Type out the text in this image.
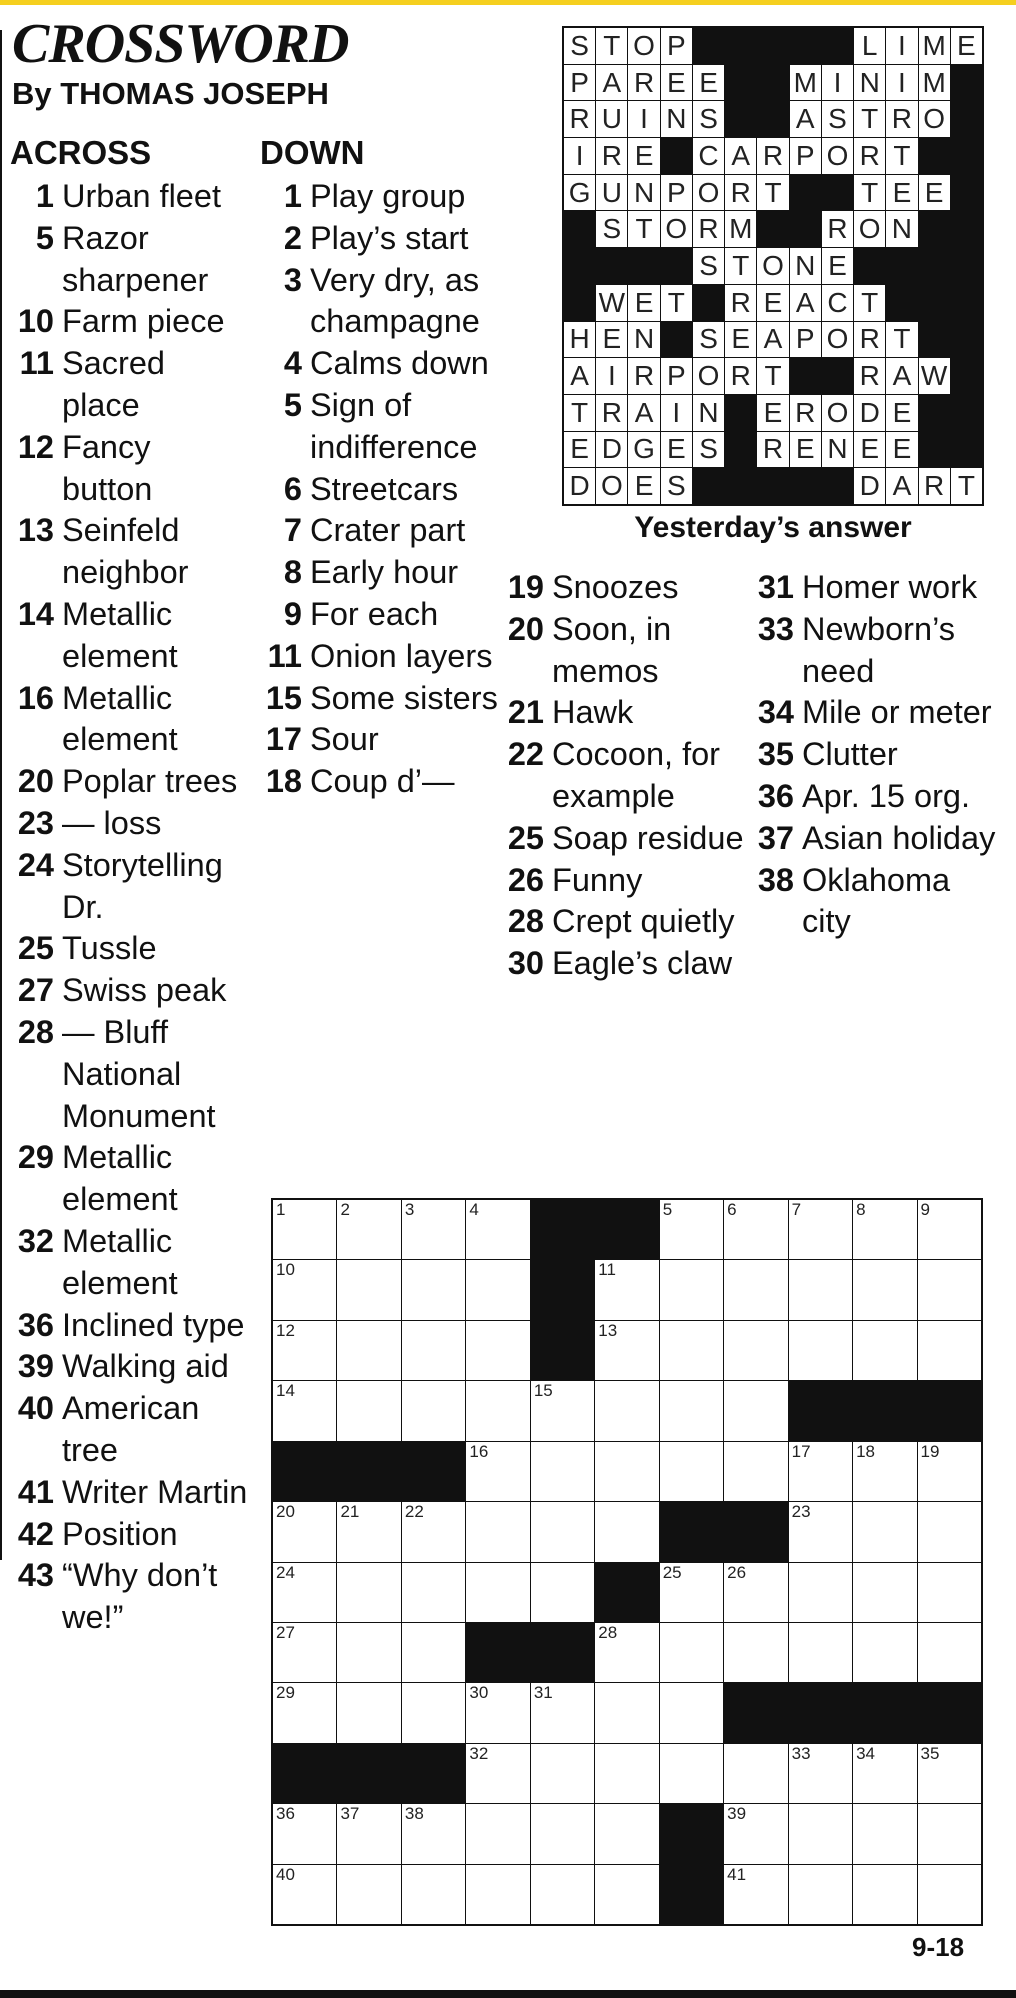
CROSSWORD
By THOMAS JOSEPH
ACROSS
1 Urban fleet
5 Razor sharpener
10 Farm piece
11 Sacred place
12 Fancy button
13 Seinfeld neighbor
14 Metallic element
16 Metallic element
20 Poplar trees
23 — loss
24 Storytelling Dr.
25 Tussle
27 Swiss peak
28 — Bluff National Monument
29 Metallic element
32 Metallic element
36 Inclined type
39 Walking aid
40 American tree
41 Writer Martin
42 Position
43 “Why don’t we!”
DOWN
1 Play group
2 Play’s start
3 Very dry, as champagne
4 Calms down
5 Sign of indifference
6 Streetcars
7 Crater part
8 Early hour
9 For each
11 Onion layers
15 Some sisters
17 Sour
18 Coup d’—
19 Snoozes
20 Soon, in memos
21 Hawk
22 Cocoon, for example
25 Soap residue
26 Funny
28 Crept quietly
30 Eagle’s claw
31 Homer work
33 Newborn’s need
34 Mile or meter
35 Clutter
36 Apr. 15 org.
37 Asian holiday
38 Oklahoma city
S T O P	L I M E
P A R E E	M I N I M
R U I N S	A S T R O
I R E C A R P O R T
G U N P O R T	T E E
S T O R M	R O N
S T O N E
W E T R E A C T
H E N S E A P O R T
A I R P O R T	R A W
T R A I N E R O D E
E D G E S R E N E E
D O E S	D A R T
Yesterday’s answer
1	2	3	4	5	6	7	8	9
10	11
12	13
14	15
16	17	18	19
20	21	22	23
24	25	26
27	28
29	30	31
32	33	34	35
36	37	38	39
40	41
9-18
